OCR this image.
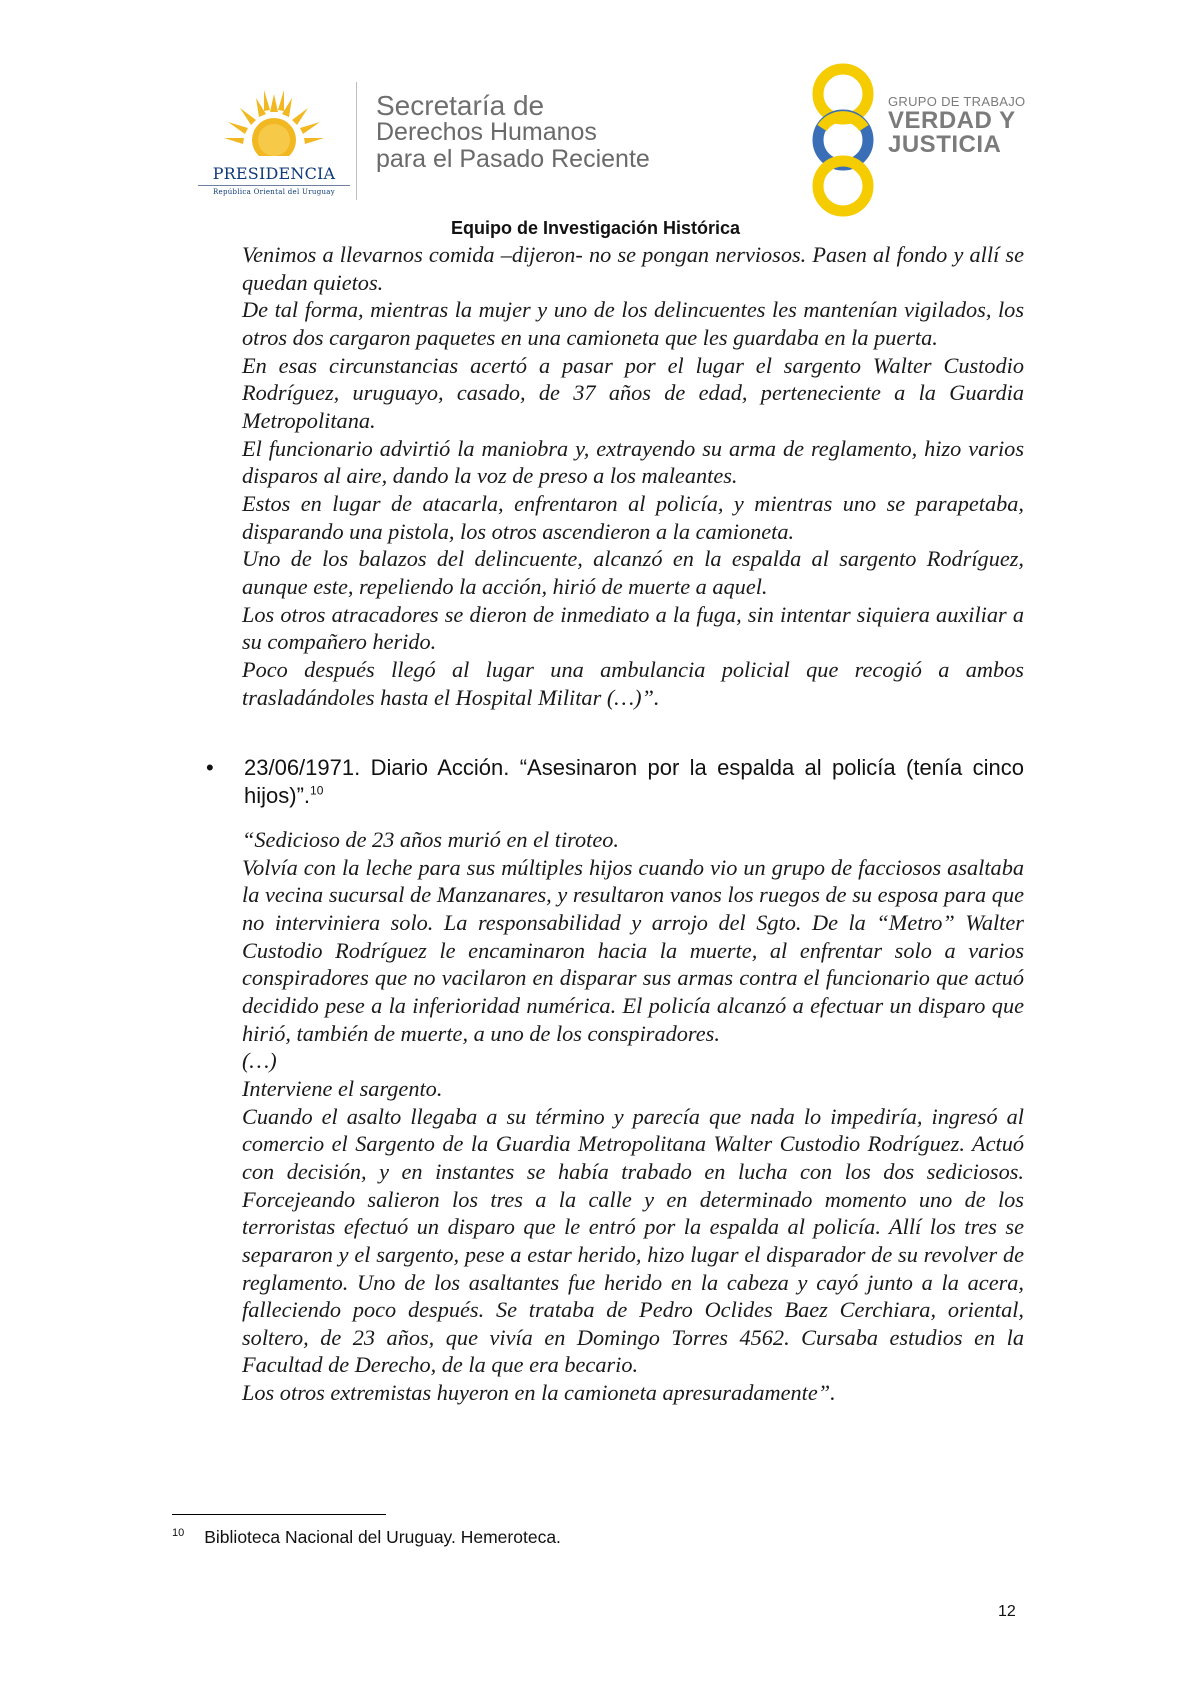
PRESIDENCIA
República Oriental del Uruguay
Secretaría de
Derechos Humanos
para el Pasado Reciente
GRUPO DE TRABAJO
VERDAD Y
JUSTICIA
Equipo de Investigación Histórica

Venimos a llevarnos comida –dijeron- no se pongan nerviosos. Pasen al fondo y allí se quedan quietos.

De tal forma, mientras la mujer y uno de los delincuentes les mantenían vigilados, los otros dos cargaron paquetes en una camioneta que les guardaba en la puerta.

En esas circunstancias acertó a pasar por el lugar el sargento Walter Custodio Rodríguez, uruguayo, casado, de 37 años de edad, perteneciente a la Guardia Metropolitana.

El funcionario advirtió la maniobra y, extrayendo su arma de reglamento, hizo varios disparos al aire, dando la voz de preso a los maleantes.

Estos en lugar de atacarla, enfrentaron al policía, y mientras uno se parapetaba, disparando una pistola, los otros ascendieron a la camioneta.

Uno de los balazos del delincuente, alcanzó en la espalda al sargento Rodríguez, aunque este, repeliendo la acción, hirió de muerte a aquel.

Los otros atracadores se dieron de inmediato a la fuga, sin intentar siquiera auxiliar a su compañero herido.

Poco después llegó al lugar una ambulancia policial que recogió a ambos trasladándoles hasta el Hospital Militar (…)”.

• 23/06/1971. Diario Acción. “Asesinaron por la espalda al policía (tenía cinco hijos)”.$^{10}$

“Sedicioso de 23 años murió en el tiroteo.

Volvía con la leche para sus múltiples hijos cuando vio un grupo de facciosos asaltaba la vecina sucursal de Manzanares, y resultaron vanos los ruegos de su esposa para que no interviniera solo. La responsabilidad y arrojo del Sgto. De la “Metro” Walter Custodio Rodríguez le encaminaron hacia la muerte, al enfrentar solo a varios conspiradores que no vacilaron en disparar sus armas contra el funcionario que actuó decidido pese a la inferioridad numérica. El policía alcanzó a efectuar un disparo que hirió, también de muerte, a uno de los conspiradores.

(…)

Interviene el sargento.

Cuando el asalto llegaba a su término y parecía que nada lo impediría, ingresó al comercio el Sargento de la Guardia Metropolitana Walter Custodio Rodríguez. Actuó con decisión, y en instantes se había trabado en lucha con los dos sediciosos. Forcejeando salieron los tres a la calle y en determinado momento uno de los terroristas efectuó un disparo que le entró por la espalda al policía. Allí los tres se separaron y el sargento, pese a estar herido, hizo lugar el disparador de su revolver de reglamento. Uno de los asaltantes fue herido en la cabeza y cayó junto a la acera, falleciendo poco después. Se trataba de Pedro Oclides Baez Cerchiara, oriental, soltero, de 23 años, que vivía en Domingo Torres 4562. Cursaba estudios en la Facultad de Derecho, de la que era becario.

Los otros extremistas huyeron en la camioneta apresuradamente”.

$^{10}$ Biblioteca Nacional del Uruguay. Hemeroteca.
12
